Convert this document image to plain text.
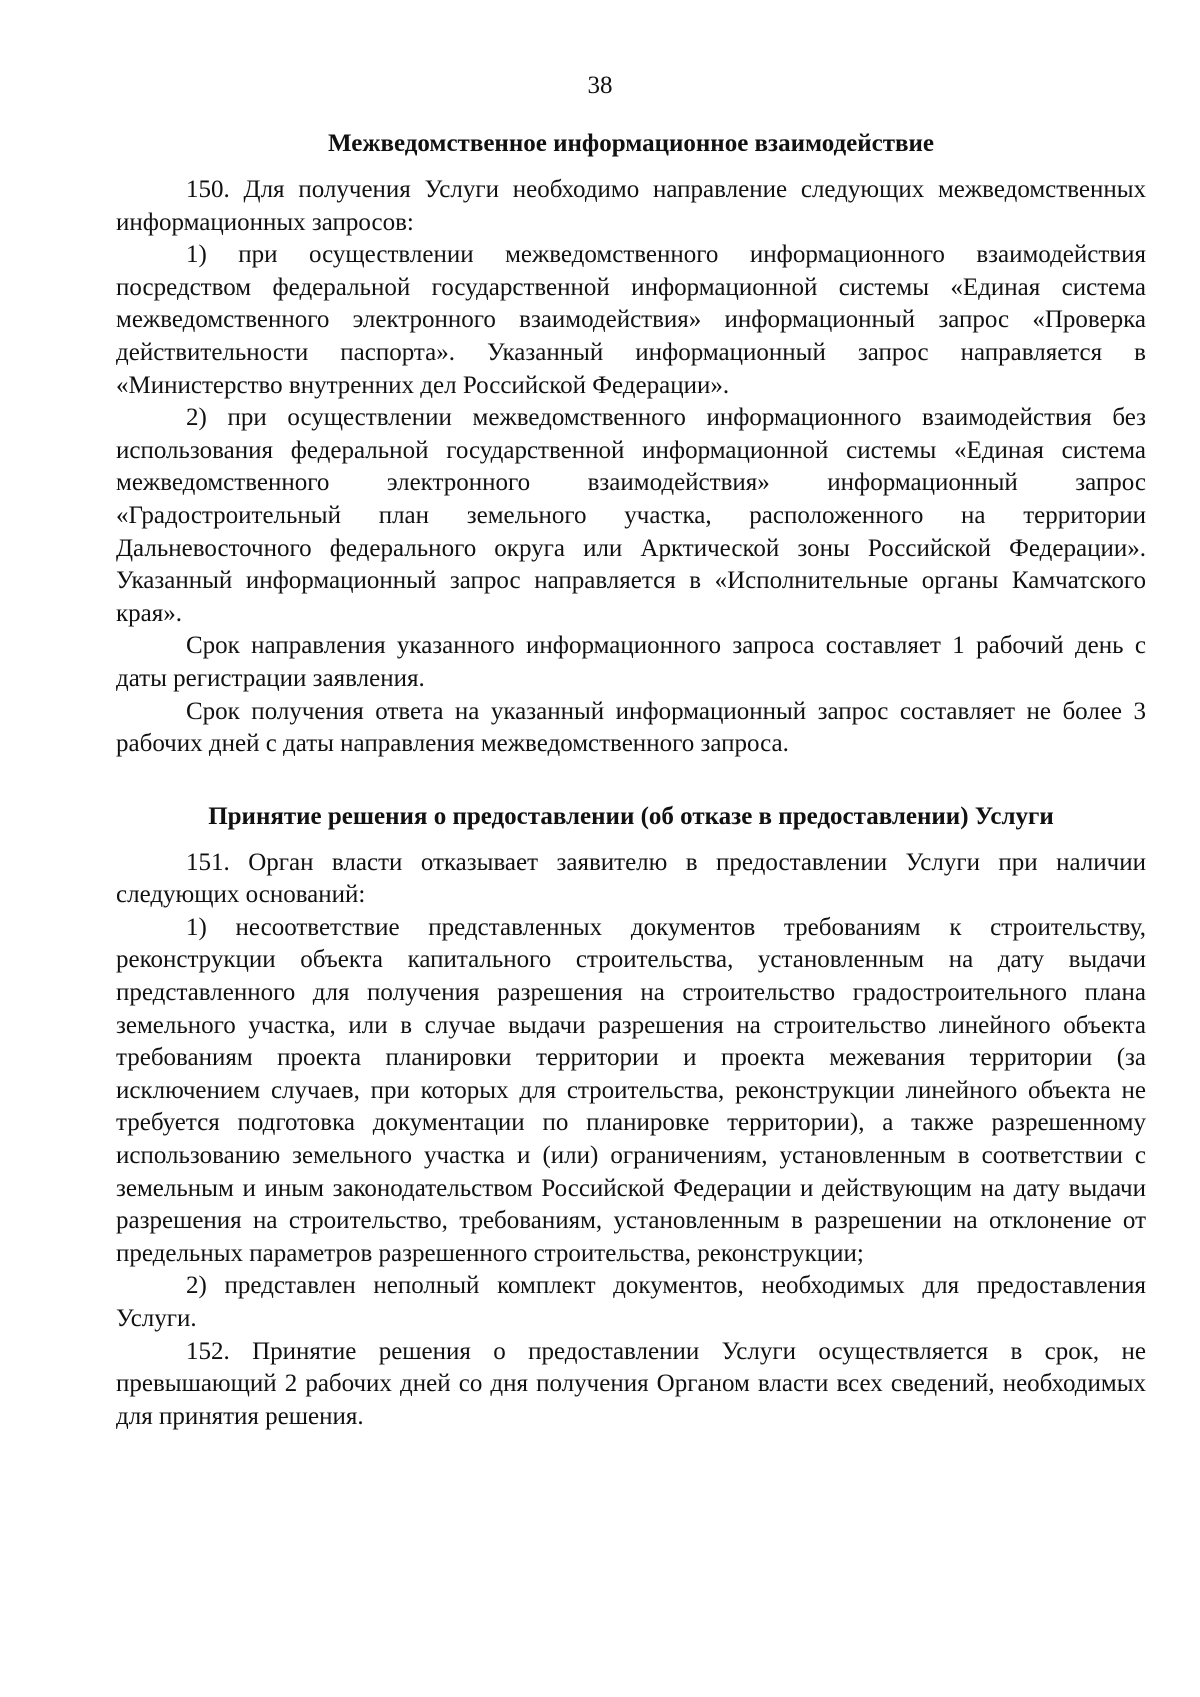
38
Межведомственное информационное взаимодействие

150. Для получения Услуги необходимо направление следующих межведомственных информационных запросов:

1) при осуществлении межведомственного информационного взаимодействия посредством федеральной государственной информационной системы «Единая система межведомственного электронного взаимодействия» информационный запрос «Проверка действительности паспорта». Указанный информационный запрос направляется в «Министерство внутренних дел Российской Федерации».

2) при осуществлении межведомственного информационного взаимодействия без использования федеральной государственной информационной системы «Единая система межведомственного электронного взаимодействия» информационный запрос «Градостроительный план земельного участка, расположенного на территории Дальневосточного федерального округа или Арктической зоны Российской Федерации». Указанный информационный запрос направляется в «Исполнительные органы Камчатского края».

Срок направления указанного информационного запроса составляет 1 рабочий день с даты регистрации заявления.

Срок получения ответа на указанный информационный запрос составляет не более 3 рабочих дней с даты направления межведомственного запроса.

Принятие решения о предоставлении (об отказе в предоставлении) Услуги

151. Орган власти отказывает заявителю в предоставлении Услуги при наличии следующих оснований:

1) несоответствие представленных документов требованиям к строительству, реконструкции объекта капитального строительства, установленным на дату выдачи представленного для получения разрешения на строительство градостроительного плана земельного участка, или в случае выдачи разрешения на строительство линейного объекта требованиям проекта планировки территории и проекта межевания территории (за исключением случаев, при которых для строительства, реконструкции линейного объекта не требуется подготовка документации по планировке территории), а также разрешенному использованию земельного участка и (или) ограничениям, установленным в соответствии с земельным и иным законодательством Российской Федерации и действующим на дату выдачи разрешения на строительство, требованиям, установленным в разрешении на отклонение от предельных параметров разрешенного строительства, реконструкции;

2) представлен неполный комплект документов, необходимых для предоставления Услуги.

152. Принятие решения о предоставлении Услуги осуществляется в срок, не превышающий 2 рабочих дней со дня получения Органом власти всех сведений, необходимых для принятия решения.
